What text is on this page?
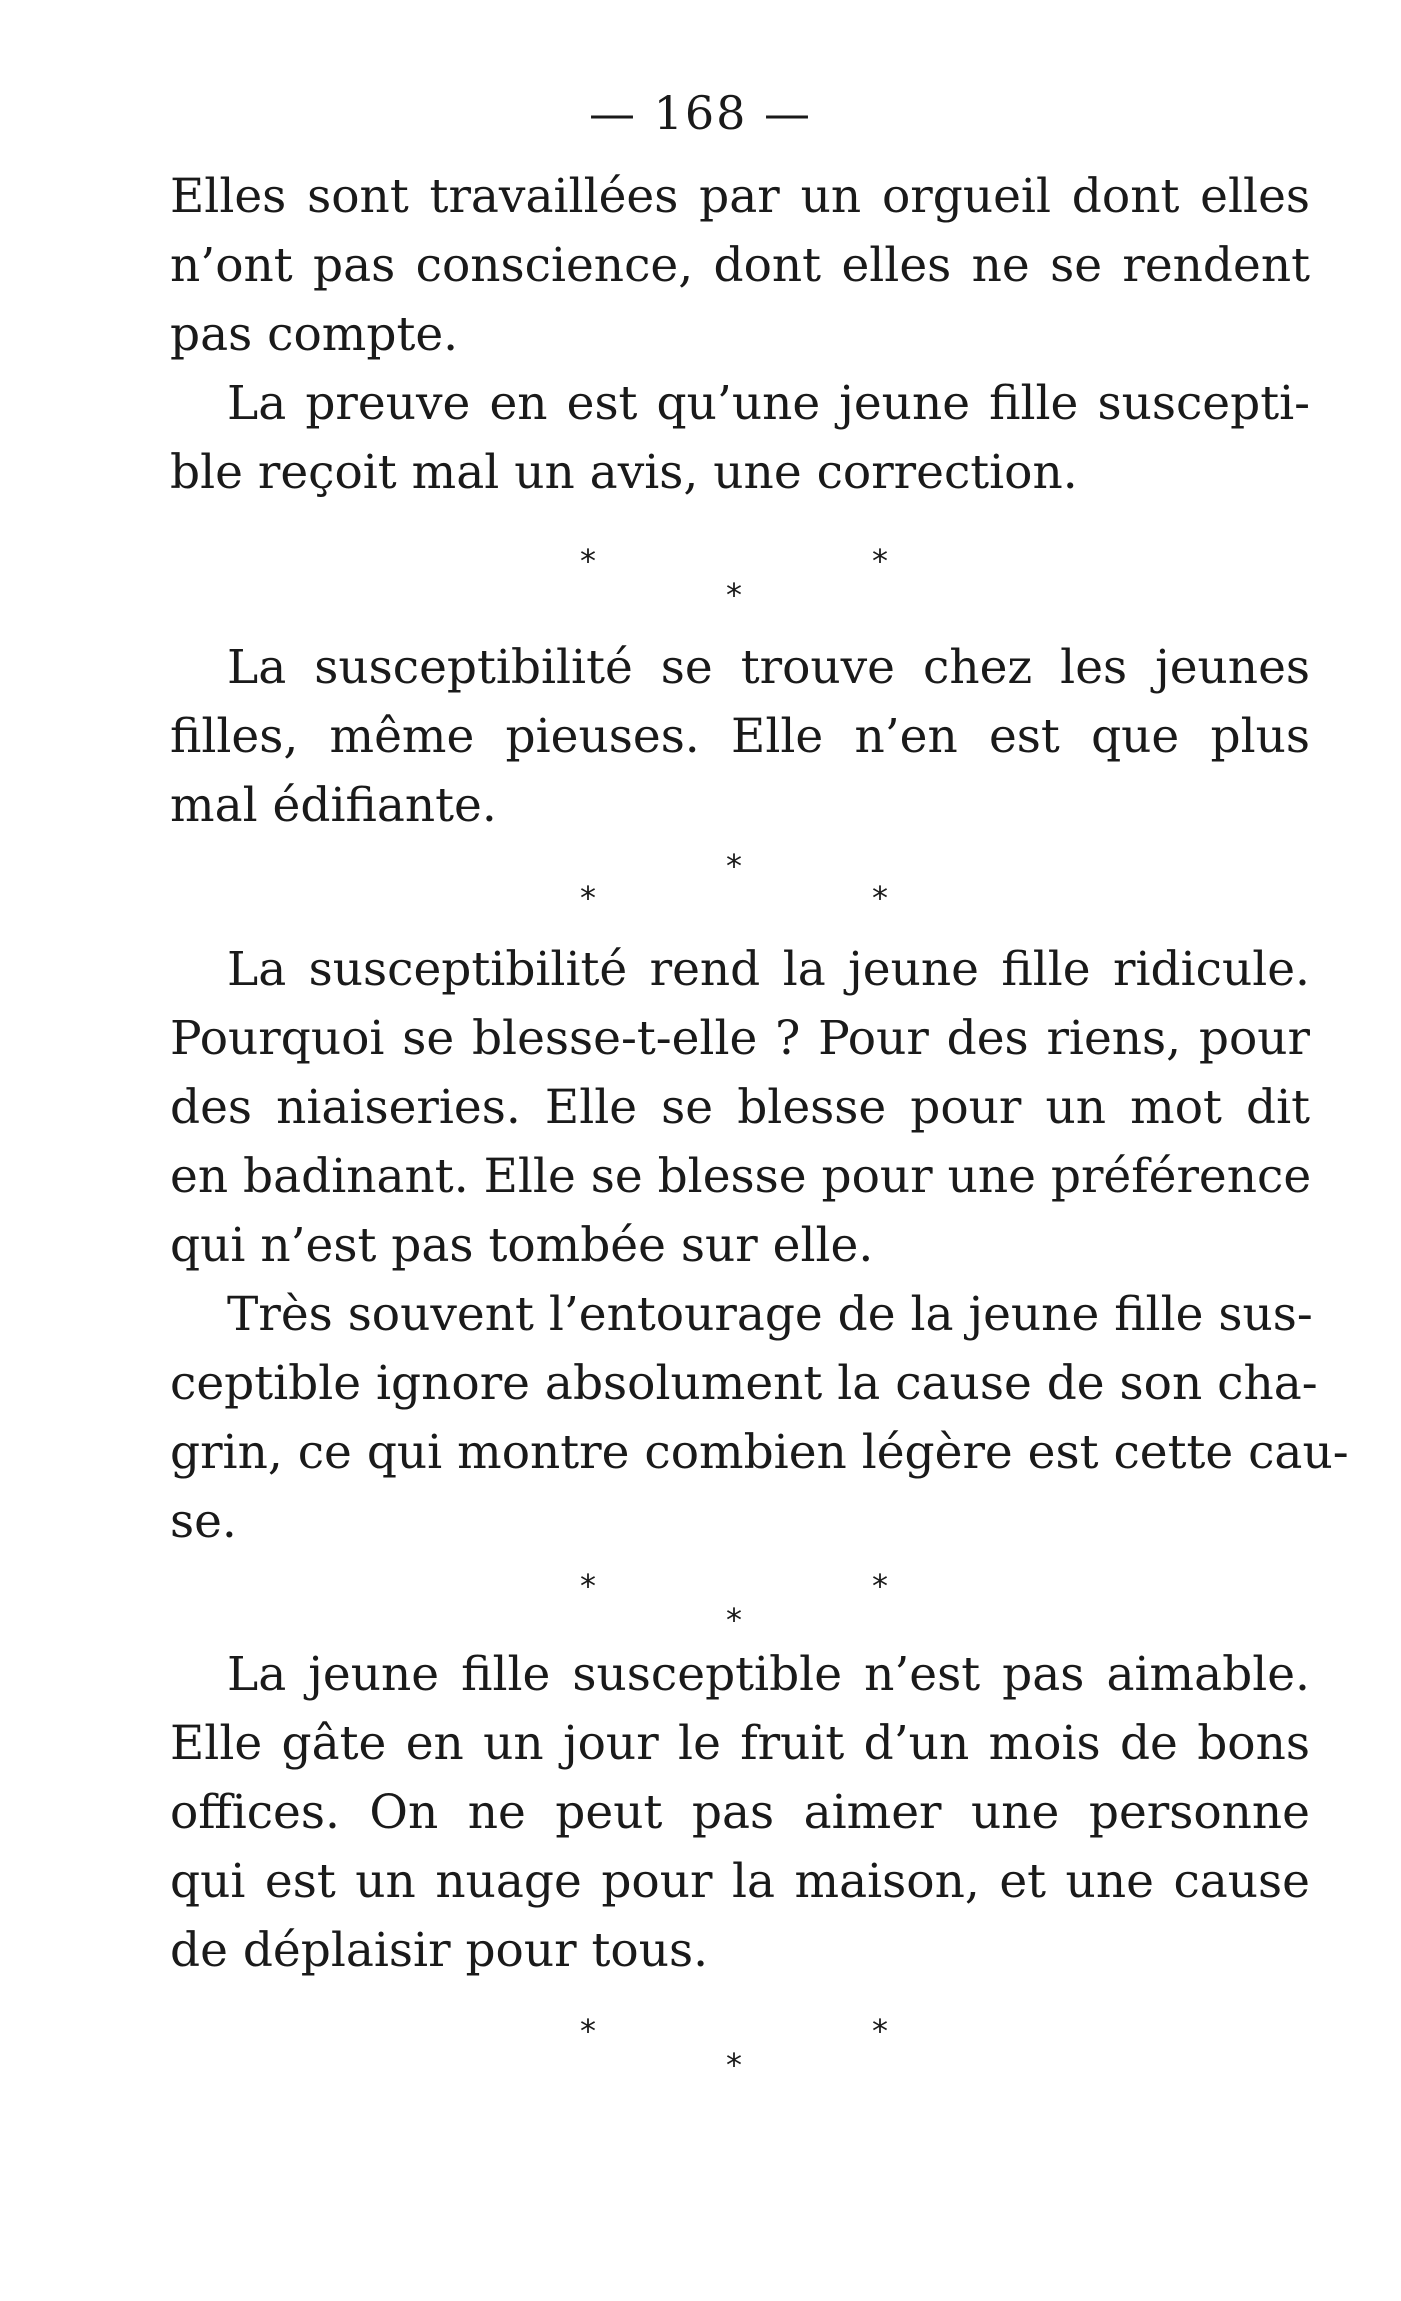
— 168 —
Elles sont travaillées par un orgueil dont elles
n’ont pas conscience, dont elles ne se rendent
pas compte.
La preuve en est qu’une jeune fille suscepti-
ble reçoit mal un avis, une correction.
*	*
*
La susceptibilité se trouve chez les jeunes
filles, même pieuses. Elle n’en est que plus
mal édifiante.
*	*
*
La susceptibilité rend la jeune fille ridicule.
Pourquoi se blesse-t-elle ? Pour des riens, pour
des niaiseries. Elle se blesse pour un mot dit
en badinant. Elle se blesse pour une préférence
qui n’est pas tombée sur elle.
Très souvent l’entourage de la jeune fille sus-
ceptible ignore absolument la cause de son cha-
grin, ce qui montre combien légère est cette cau-
se.
*	*
*
La jeune fille susceptible n’est pas aimable.
Elle gâte en un jour le fruit d’un mois de bons
offices. On ne peut pas aimer une personne
qui est un nuage pour la maison, et une cause
de déplaisir pour tous.
*	*
*
